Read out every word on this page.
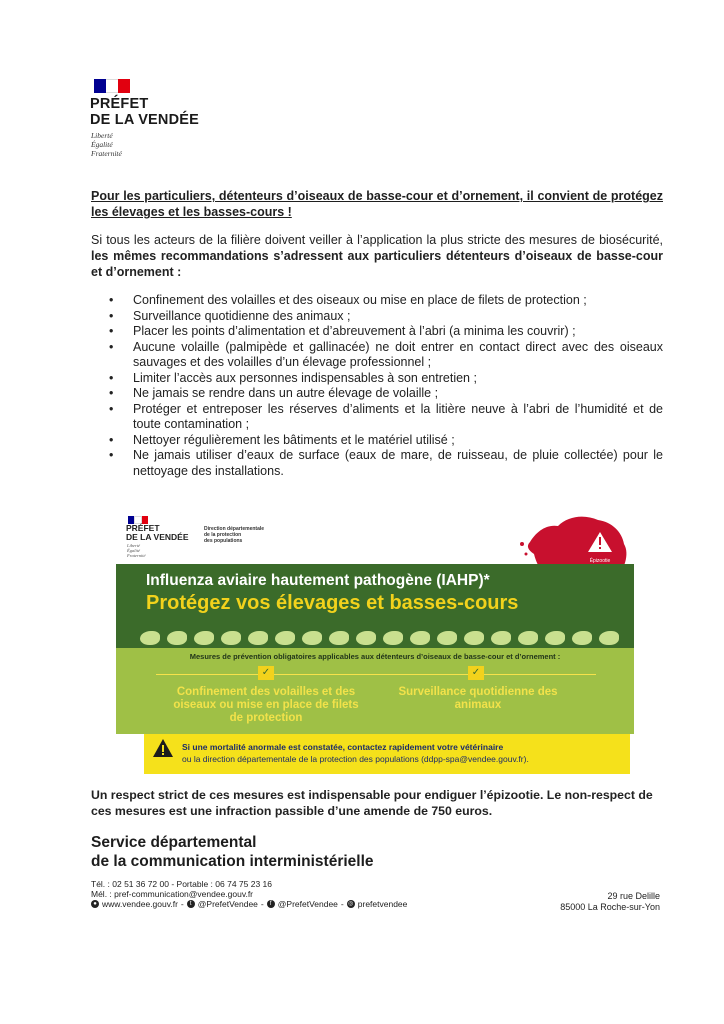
PRÉFET
DE LA VENDÉE
Liberté
Égalité
Fraternité
Pour les particuliers, détenteurs d’oiseaux de basse-cour et d’ornement, il convient de protégez les élevages et les basses-cours !
Si tous les acteurs de la filière doivent veiller à l’application la plus stricte des mesures de biosécurité, les mêmes recommandations s’adressent aux particuliers détenteurs d’oiseaux de basse-cour et d’ornement :
• Confinement des volailles et des oiseaux ou mise en place de filets de protection ;
• Surveillance quotidienne des animaux ;
• Placer les points d’alimentation et d’abreuvement à l’abri (a minima les couvrir) ;
• Aucune volaille (palmipède et gallinacée) ne doit entrer en contact direct avec des oiseaux sauvages et des volailles d’un élevage professionnel ;
• Limiter l’accès aux personnes indispensables à son entretien ;
• Ne jamais se rendre dans un autre élevage de volaille ;
• Protéger et entreposer les réserves d’aliments et la litière neuve à l’abri de l’humidité et de toute contamination ;
• Nettoyer régulièrement les bâtiments et le matériel utilisé ;
• Ne jamais utiliser d’eaux de surface (eaux de mare, de ruisseau, de pluie collectée) pour le nettoyage des installations.
PRÉFET
DE LA VENDÉE
Liberté
Égalité
Fraternité
Direction départementale
de la protection
des populations
Épizootie
Influenza aviaire hautement pathogène (IAHP)*
Protégez vos élevages et basses-cours
Mesures de prévention obligatoires applicables aux détenteurs d’oiseaux de basse-cour et d’ornement :
✓	✓
Confinement des volailles et des oiseaux ou mise en place de filets de protection
Surveillance quotidienne des animaux
Si une mortalité anormale est constatée, contactez rapidement votre vétérinaire
ou la direction départementale de la protection des populations (ddpp-spa@vendee.gouv.fr).
Un respect strict de ces mesures est indispensable pour endiguer l’épizootie. Le non-respect de ces mesures est une infraction passible d’une amende de 750 euros.
Service départemental
de la communication interministérielle
Tél. : 02 51 36 72 00 - Portable : 06 74 75 23 16
Mél. : pref-communication@vendee.gouv.fr
● www.vendee.gouv.fr -	t @PrefetVendee -	f @PrefetVendee - ◎ prefetvendee
29 rue Delille
85000 La Roche-sur-Yon
